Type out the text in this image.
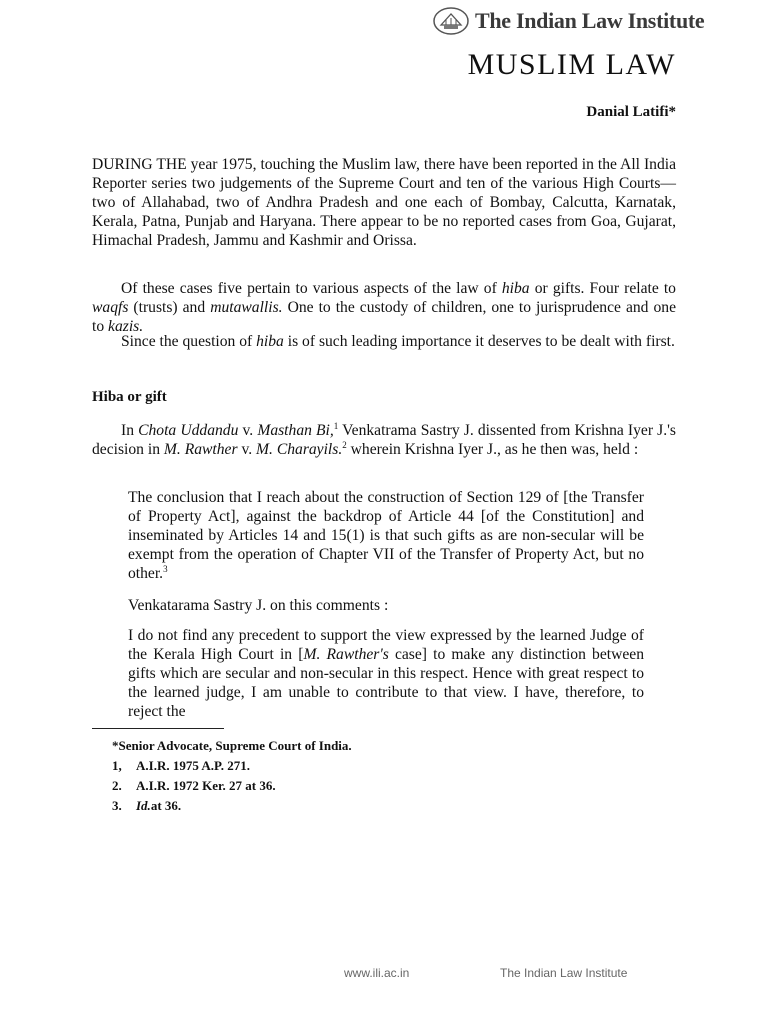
The Indian Law Institute
MUSLIM LAW
Danial Latifi*

DURING THE year 1975, touching the Muslim law, there have been reported in the All India Reporter series two judgements of the Supreme Court and ten of the various High Courts—two of Allahabad, two of Andhra Pradesh and one each of Bombay, Calcutta, Karnatak, Kerala, Patna, Punjab and Haryana. There appear to be no reported cases from Goa, Gujarat, Himachal Pradesh, Jammu and Kashmir and Orissa.

Of these cases five pertain to various aspects of the law of hiba or gifts. Four relate to waqfs (trusts) and mutawallis. One to the custody of children, one to jurisprudence and one to kazis.

Since the question of hiba is of such leading importance it deserves to be dealt with first.

Hiba or gift

In Chota Uddandu v. Masthan Bi,$^1$ Venkatrama Sastry J. dissented from Krishna Iyer J.'s decision in M. Rawther v. M. Charayils.$^2$ wherein Krishna Iyer J., as he then was, held :

The conclusion that I reach about the construction of Section 129 of [the Transfer of Property Act], against the backdrop of Article 44 [of the Constitution] and inseminated by Articles 14 and 15(1) is that such gifts as are non-secular will be exempt from the operation of Chapter VII of the Transfer of Property Act, but no other.$^3$
Venkatarama Sastry J. on this comments :
I do not find any precedent to support the view expressed by the learned Judge of the Kerala High Court in [M. Rawther's case] to make any distinction between gifts which are secular and non-secular in this respect. Hence with great respect to the learned judge, I am unable to contribute to that view. I have, therefore, to reject the
*Senior Advocate, Supreme Court of India.
1,	A.I.R. 1975 A.P. 271.
2.	A.I.R. 1972 Ker. 27 at 36.
3.	Id. at 36.
www.ili.ac.in	The Indian Law Institute
